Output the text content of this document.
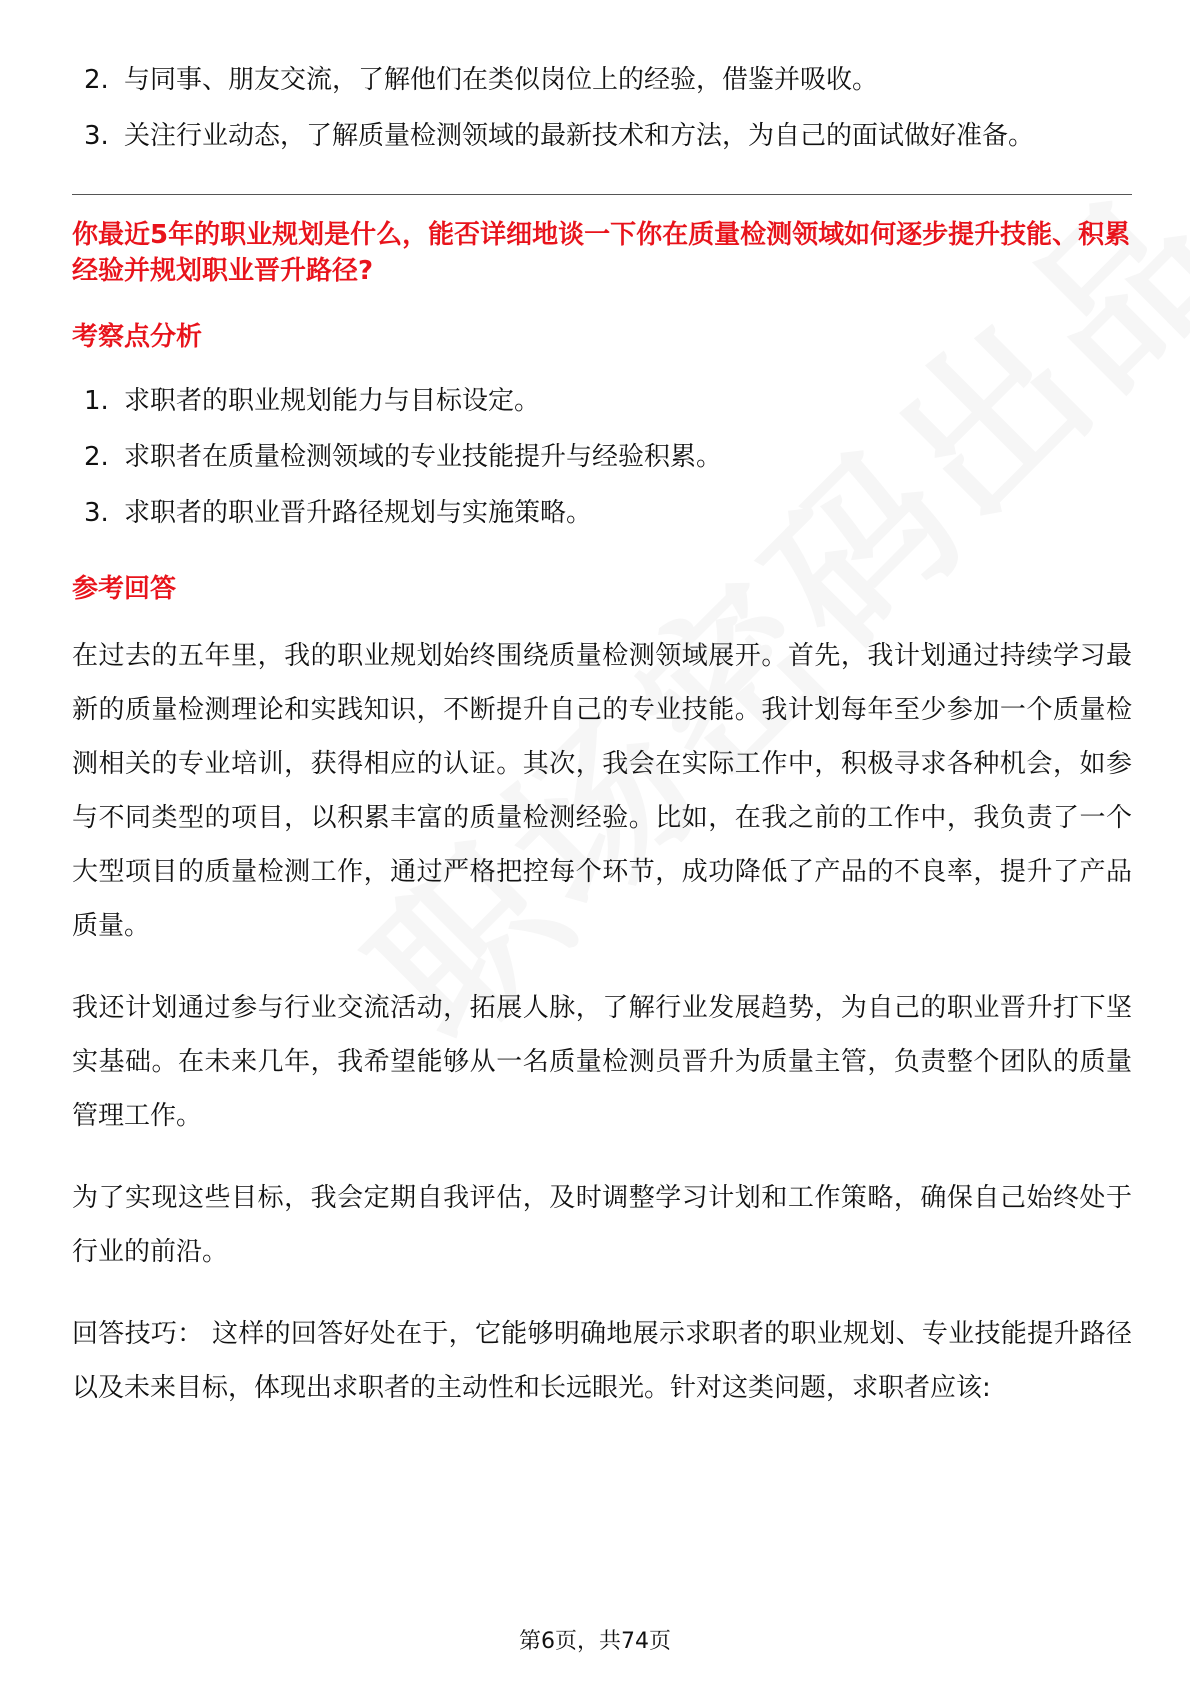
2. 与同事、朋友交流，了解他们在类似岗位上的经验，借鉴并吸收。
3. 关注行业动态，了解质量检测领域的最新技术和方法，为自己的面试做好准备。
你最近5年的职业规划是什么，能否详细地谈一下你在质量检测领域如何逐步提升技能、积累经验并规划职业晋升路径?
考察点分析
1. 求职者的职业规划能力与目标设定。
2. 求职者在质量检测领域的专业技能提升与经验积累。
3. 求职者的职业晋升路径规划与实施策略。
参考回答

在过去的五年里，我的职业规划始终围绕质量检测领域展开。首先，我计划通过持续学习最新的质量检测理论和实践知识，不断提升自己的专业技能。我计划每年至少参加一个质量检测相关的专业培训，获得相应的认证。其次，我会在实际工作中，积极寻求各种机会，如参与不同类型的项目，以积累丰富的质量检测经验。比如，在我之前的工作中，我负责了一个大型项目的质量检测工作，通过严格把控每个环节，成功降低了产品的不良率，提升了产品质量。

我还计划通过参与行业交流活动，拓展人脉，了解行业发展趋势，为自己的职业晋升打下坚实基础。在未来几年，我希望能够从一名质量检测员晋升为质量主管，负责整个团队的质量管理工作。

为了实现这些目标，我会定期自我评估，及时调整学习计划和工作策略，确保自己始终处于行业的前沿。

回答技巧： 这样的回答好处在于，它能够明确地展示求职者的职业规划、专业技能提升路径以及未来目标，体现出求职者的主动性和长远眼光。针对这类问题，求职者应该:

第6页，共74页
